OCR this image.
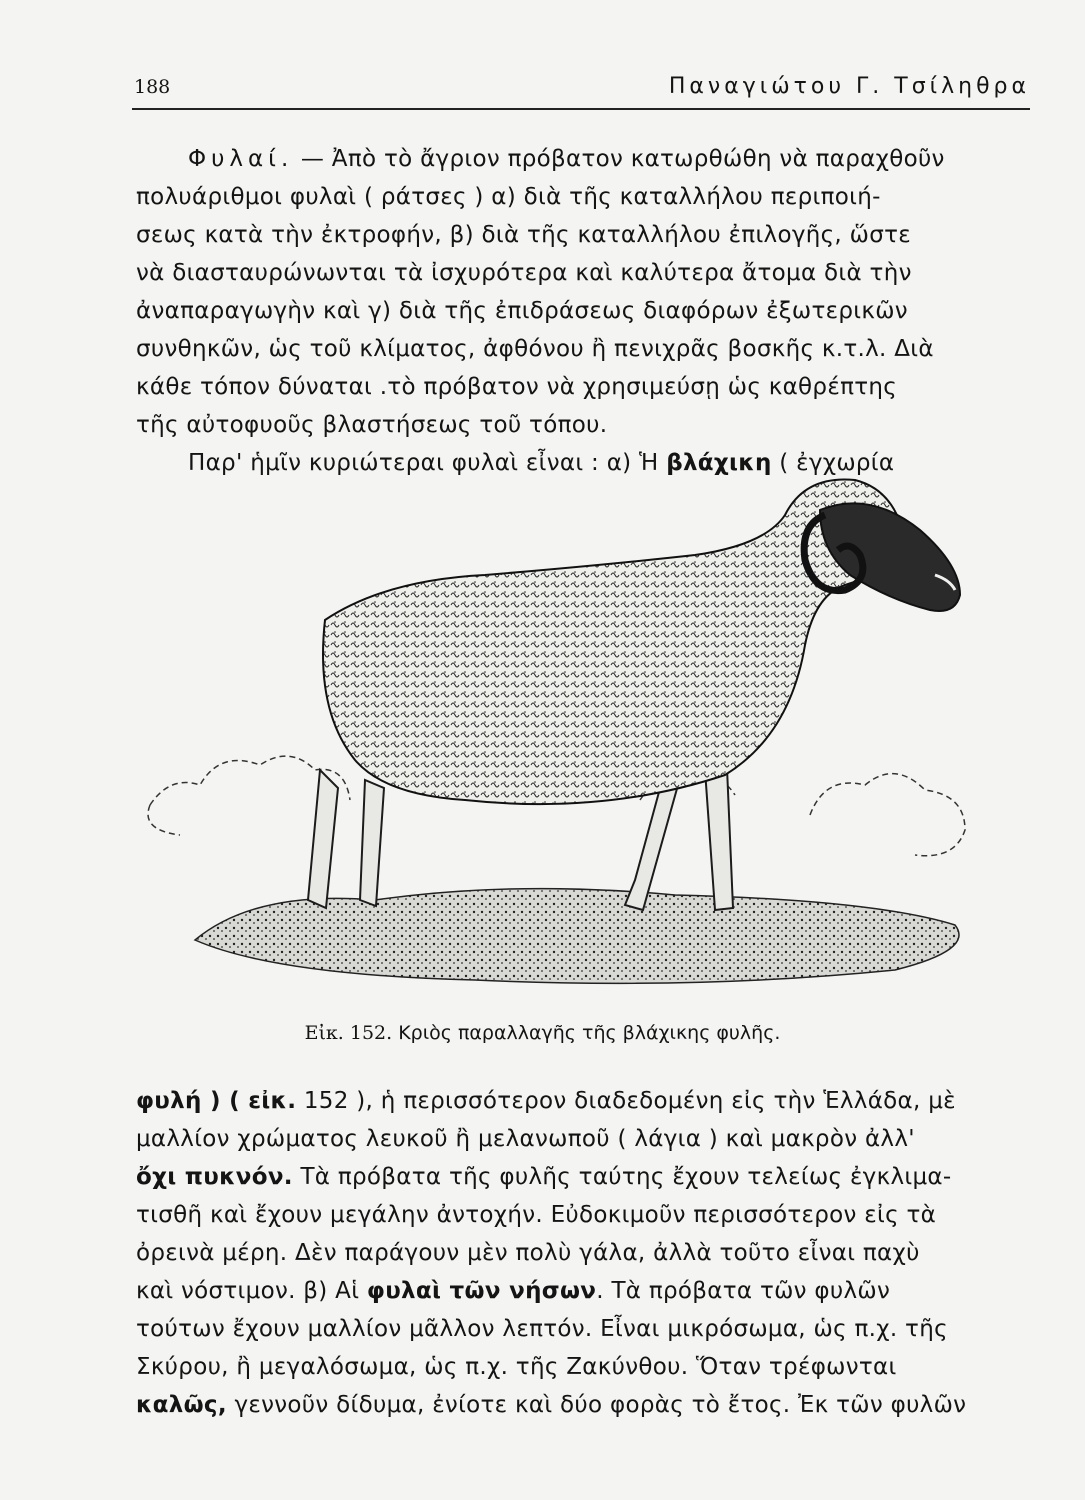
188	Παναγιώτου Γ. Τσίληθρα
Φυλαί. — Ἀπὸ τὸ ἄγριον πρόβατον κατωρθώθη νὰ παραχθοῦν
πολυάριθμοι φυλαὶ ( ράτσες ) α) διὰ τῆς καταλλήλου περιποιή-
σεως κατὰ τὴν ἐκτροφήν, β) διὰ τῆς καταλλήλου ἐπιλογῆς, ὥστε
νὰ διασταυρώνωνται τὰ ἰσχυρότερα καὶ καλύτερα ἄτομα διὰ τὴν
ἀναπαραγωγὴν καὶ γ) διὰ τῆς ἐπιδράσεως διαφόρων ἐξωτερικῶν
συνθηκῶν, ὡς τοῦ κλίματος, ἀφθόνου ἢ πενιχρᾶς βοσκῆς κ.τ.λ. Διὰ
κάθε τόπον δύναται .τὸ πρόβατον νὰ χρησιμεύσῃ ὡς καθρέπτης
τῆς αὐτοφυοῦς βλαστήσεως τοῦ τόπου.
Παρ' ἡμῖν κυριώτεραι φυλαὶ εἶναι : α) Ἡ βλάχικη ( ἐγχωρία
Εἰκ. 152. Κριὸς παραλλαγῆς τῆς βλάχικης φυλῆς.
φυλή ) ( εἰκ. 152 ), ἡ περισσότερον διαδεδομένη εἰς τὴν Ἑλλάδα, μὲ
μαλλίον χρώματος λευκοῦ ἢ μελανωποῦ ( λάγια ) καὶ μακρὸν ἀλλ'
ὄχι πυκνόν. Τὰ πρόβατα τῆς φυλῆς ταύτης ἔχουν τελείως ἐγκλιμα-
τισθῆ καὶ ἔχουν μεγάλην ἀντοχήν. Εὐδοκιμοῦν περισσότερον εἰς τὰ
ὀρεινὰ μέρη. Δὲν παράγουν μὲν πολὺ γάλα, ἀλλὰ τοῦτο εἶναι παχὺ
καὶ νόστιμον. β) Αἱ φυλαὶ τῶν νήσων. Τὰ πρόβατα τῶν φυλῶν
τούτων ἔχουν μαλλίον μᾶλλον λεπτόν. Εἶναι μικρόσωμα, ὡς π.χ. τῆς
Σκύρου, ἢ μεγαλόσωμα, ὡς π.χ. τῆς Ζακύνθου. Ὅταν τρέφωνται
καλῶς, γεννοῦν δίδυμα, ἐνίοτε καὶ δύο φορὰς τὸ ἔτος. Ἐκ τῶν φυλῶν
